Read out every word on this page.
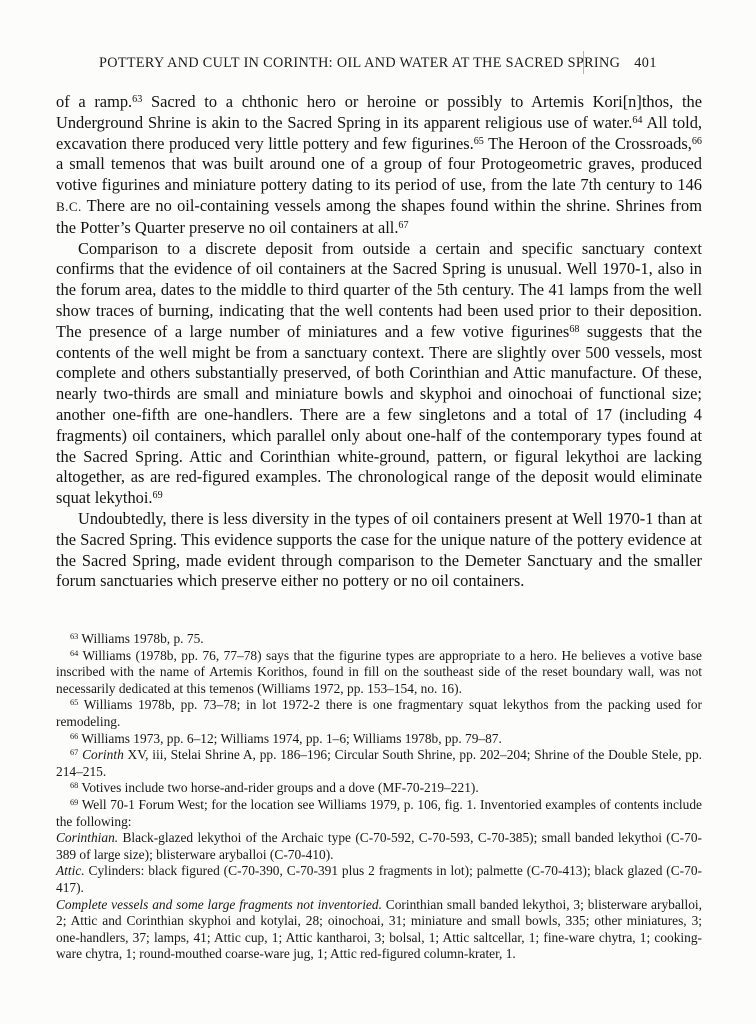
POTTERY AND CULT IN CORINTH: OIL AND WATER AT THE SACRED SPRING 401

of a ramp.$^{63}$ Sacred to a chthonic hero or heroine or possibly to Artemis Kori[n]thos, the Underground Shrine is akin to the Sacred Spring in its apparent religious use of water.$^{64}$ All told, excavation there produced very little pottery and few figurines.$^{65}$ The Heroon of the Crossroads,$^{66}$ a small temenos that was built around one of a group of four Protogeometric graves, produced votive figurines and miniature pottery dating to its period of use, from the late 7th century to 146 B.C. There are no oil-containing vessels among the shapes found within the shrine. Shrines from the Potter’s Quarter preserve no oil containers at all.$^{67}$

Comparison to a discrete deposit from outside a certain and specific sanctuary context confirms that the evidence of oil containers at the Sacred Spring is unusual. Well 1970-1, also in the forum area, dates to the middle to third quarter of the 5th century. The 41 lamps from the well show traces of burning, indicating that the well contents had been used prior to their deposition. The presence of a large number of miniatures and a few votive figurines$^{68}$ suggests that the contents of the well might be from a sanctuary context. There are slightly over 500 vessels, most complete and others substantially preserved, of both Corinthian and Attic manufacture. Of these, nearly two-thirds are small and miniature bowls and skyphoi and oinochoai of functional size; another one-fifth are one-handlers. There are a few singletons and a total of 17 (including 4 fragments) oil containers, which parallel only about one-half of the contemporary types found at the Sacred Spring. Attic and Corinthian white-ground, pattern, or figural lekythoi are lacking altogether, as are red-figured examples. The chronological range of the deposit would eliminate squat lekythoi.$^{69}$

Undoubtedly, there is less diversity in the types of oil containers present at Well 1970-1 than at the Sacred Spring. This evidence supports the case for the unique nature of the pottery evidence at the Sacred Spring, made evident through comparison to the Demeter Sanctuary and the smaller forum sanctuaries which preserve either no pottery or no oil containers.

$^{63}$ Williams 1978b, p. 75.

$^{64}$ Williams (1978b, pp. 76, 77–78) says that the figurine types are appropriate to a hero. He believes a votive base inscribed with the name of Artemis Korithos, found in fill on the southeast side of the reset boundary wall, was not necessarily dedicated at this temenos (Williams 1972, pp. 153–154, no. 16).

$^{65}$ Williams 1978b, pp. 73–78; in lot 1972-2 there is one fragmentary squat lekythos from the packing used for remodeling.

$^{66}$ Williams 1973, pp. 6–12; Williams 1974, pp. 1–6; Williams 1978b, pp. 79–87.

$^{67}$ Corinth XV, iii, Stelai Shrine A, pp. 186–196; Circular South Shrine, pp. 202–204; Shrine of the Double Stele, pp. 214–215.

$^{68}$ Votives include two horse-and-rider groups and a dove (MF-70-219–221).

$^{69}$ Well 70-1 Forum West; for the location see Williams 1979, p. 106, fig. 1. Inventoried examples of contents include the following:

Corinthian. Black-glazed lekythoi of the Archaic type (C-70-592, C-70-593, C-70-385); small banded lekythoi (C-70-389 of large size); blisterware aryballoi (C-70-410).

Attic. Cylinders: black figured (C-70-390, C-70-391 plus 2 fragments in lot); palmette (C-70-413); black glazed (C-70-417).

Complete vessels and some large fragments not inventoried. Corinthian small banded lekythoi, 3; blisterware aryballoi, 2; Attic and Corinthian skyphoi and kotylai, 28; oinochoai, 31; miniature and small bowls, 335; other miniatures, 3; one-handlers, 37; lamps, 41; Attic cup, 1; Attic kantharoi, 3; bolsal, 1; Attic saltcellar, 1; fine-ware chytra, 1; cooking-ware chytra, 1; round-mouthed coarse-ware jug, 1; Attic red-figured column-krater, 1.
